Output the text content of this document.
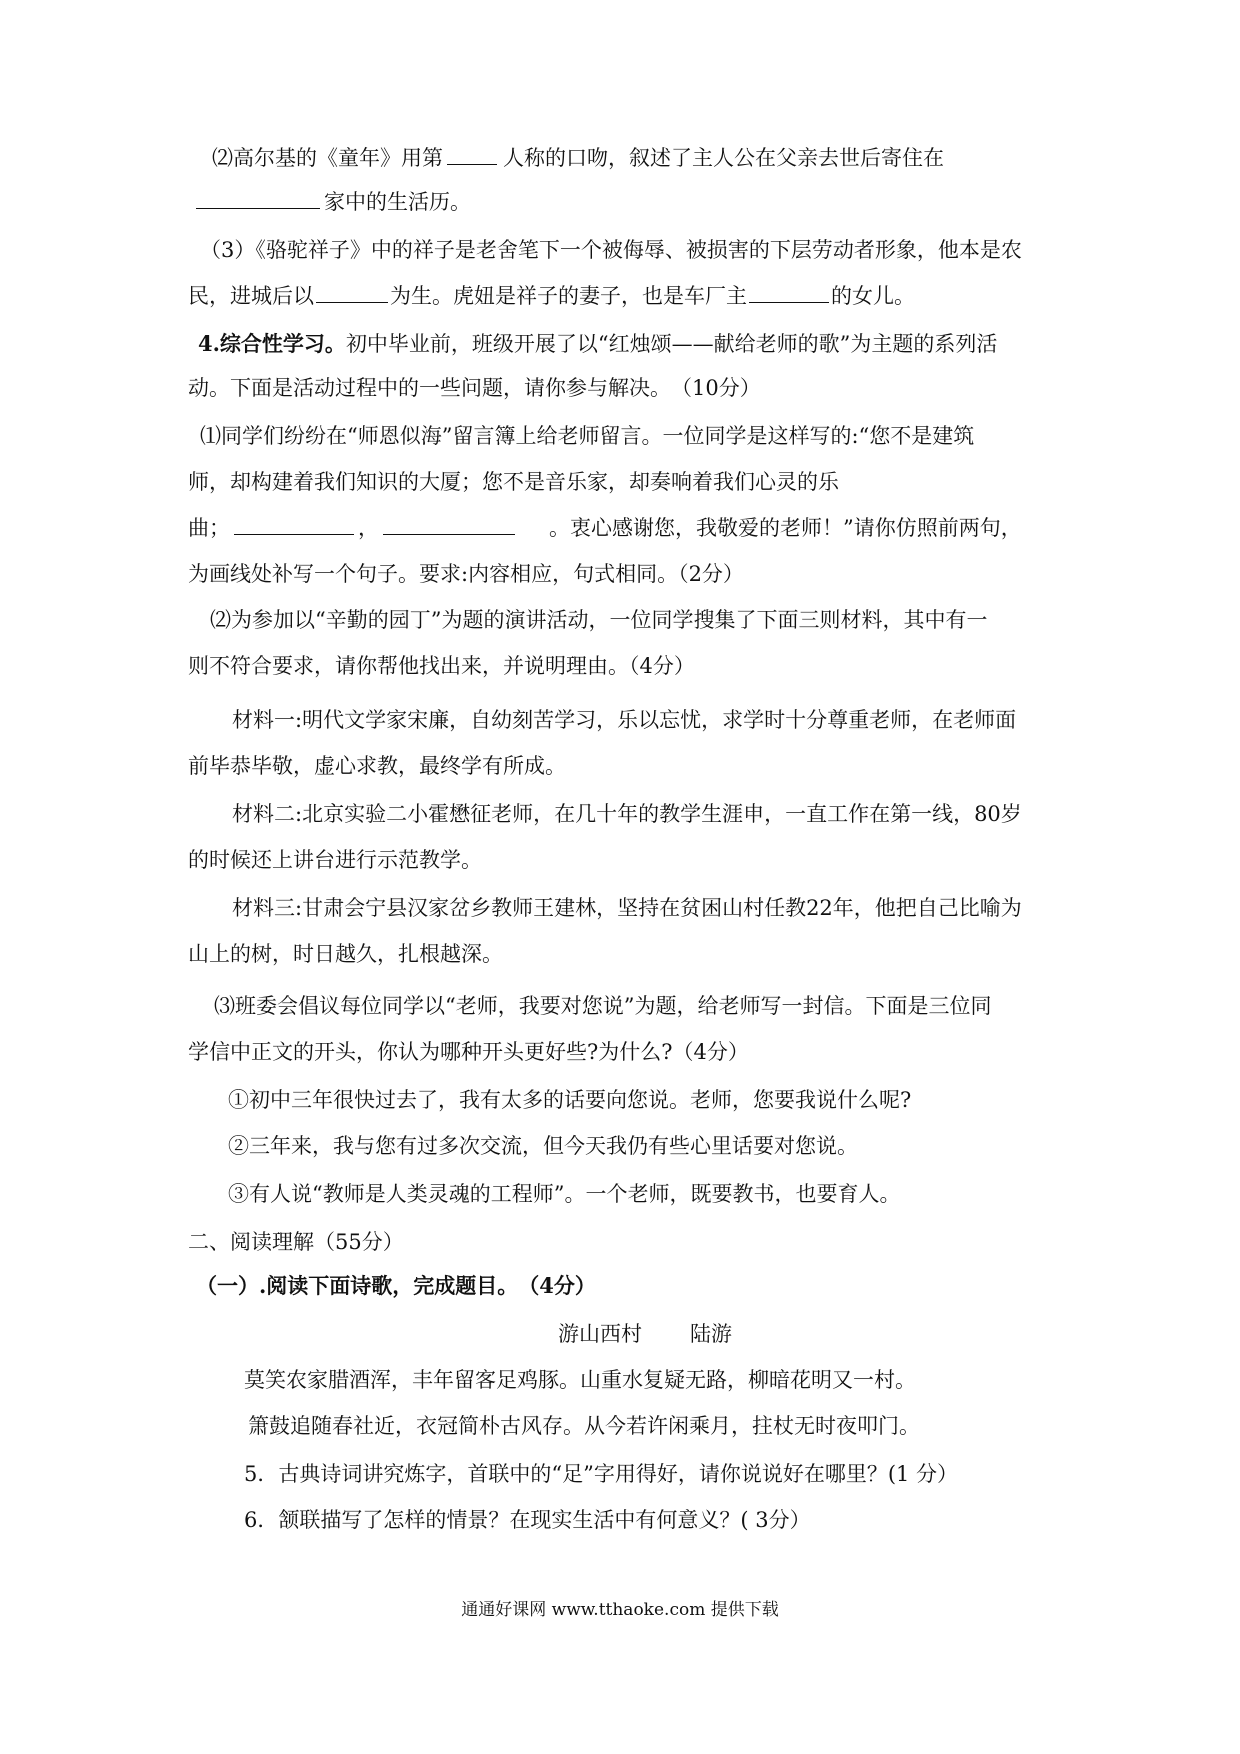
⑵高尔基的《童年》用第	人称的口吻，叙述了主人公在父亲去世后寄住在
家中的生活历。
（3）《骆驼祥子》中的祥子是老舍笔下一个被侮辱、被损害的下层劳动者形象，他本是农
民，进城后以	为生。虎妞是祥子的妻子，也是车厂主	的女儿。
4.综合性学习。初中毕业前，班级开展了以“红烛颂——献给老师的歌”为主题的系列活
动。下面是活动过程中的一些问题，请你参与解决。　（10分）
⑴同学们纷纷在“师恩似海”留言簿上给老师留言。一位同学是这样写的:“您不是建筑
师，却构建着我们知识的大厦；您不是音乐家，却奏响着我们心灵的乐
曲；	，	。衷心感谢您，我敬爱的老师！”请你仿照前两句，
为画线处补写一个句子。要求:内容相应，句式相同。（2分）
⑵为参加以“辛勤的园丁”为题的演讲活动，一位同学搜集了下面三则材料，其中有一
则不符合要求，请你帮他找出来，并说明理由。（4分）
材料一:明代文学家宋廉，自幼刻苦学习，乐以忘忧，求学时十分尊重老师，在老师面
前毕恭毕敬，虚心求教，最终学有所成。
材料二:北京实验二小霍懋征老师，在几十年的教学生涯申，一直工作在第一线，80岁
的时候还上讲台进行示范教学。
材料三:甘肃会宁县汉家岔乡教师王建林，坚持在贫困山村任教22年，他把自己比喻为
山上的树，时日越久，扎根越深。
⑶班委会倡议每位同学以“老师，我要对您说”为题，给老师写一封信。下面是三位同
学信中正文的开头，你认为哪种开头更好些?为什么?（4分）
①初中三年很快过去了，我有太多的话要向您说。老师，您要我说什么呢?
②三年来，我与您有过多次交流，但今天我仍有些心里话要对您说。
③有人说“教师是人类灵魂的工程师”。一个老师，既要教书，也要育人。
二、阅读理解（55分）
（一）.阅读下面诗歌，完成题目。　（4分）
游山西村 陆游
莫笑农家腊酒浑，丰年留客足鸡豚。山重水复疑无路，柳暗花明又一村。
箫鼓追随春社近，衣冠简朴古风存。从今若许闲乘月，拄杖无时夜叩门。
5．古典诗词讲究炼字，首联中的“足”字用得好，请你说说好在哪里？(1 分）
6．颔联描写了怎样的情景？在现实生活中有何意义？( 3分）
通通好课网 www.tthaoke.com 提供下载
